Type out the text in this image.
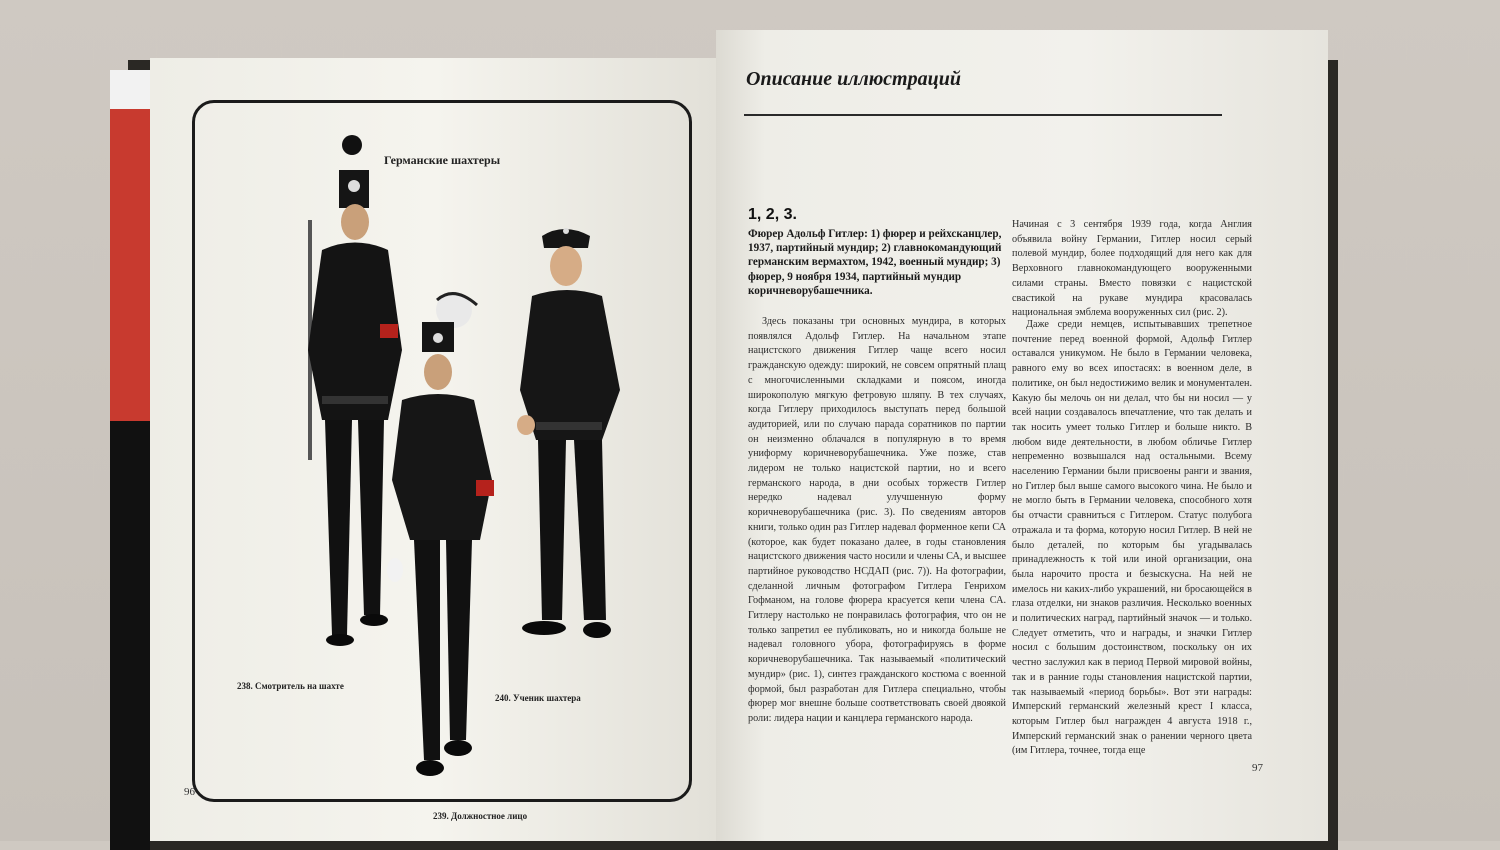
Германские шахтеры
238. Смотритель на шахте
239. Должностное лицо
240. Ученик шахтера
96
Описание иллюстраций
1, 2, 3.
Фюрер Адольф Гитлер: 1) фюрер и рейхсканцлер, 1937, партийный мундир; 2) главнокомандующий германским вермахтом, 1942, военный мундир; 3) фюрер, 9 ноября 1934, партийный мундир коричневорубашечника.
Здесь показаны три основных мундира, в которых появлялся Адольф Гитлер. На начальном этапе нацистского движения Гитлер чаще всего носил гражданскую одежду: широкий, не совсем опрятный плащ с многочисленными складками и поясом, иногда широкополую мягкую фетровую шляпу. В тех случаях, когда Гитлеру приходилось выступать перед большой аудиторией, или по случаю парада соратников по партии он неизменно облачался в популярную в то время униформу коричневорубашечника. Уже позже, став лидером не только нацистской партии, но и всего германского народа, в дни особых торжеств Гитлер нередко надевал улучшенную форму коричневорубашечника (рис. 3). По сведениям авторов книги, только один раз Гитлер надевал форменное кепи СА (которое, как будет показано далее, в годы становления нацистского движения часто носили и члены СА, и высшее партийное руководство НСДАП (рис. 7)). На фотографии, сделанной личным фотографом Гитлера Генрихом Гофманом, на голове фюрера красуется кепи члена СА. Гитлеру настолько не понравилась фотография, что он не только запретил ее публиковать, но и никогда больше не надевал головного убора, фотографируясь в форме коричневорубашечника. Так называемый «политический мундир» (рис. 1), синтез гражданского костюма с военной формой, был разработан для Гитлера специально, чтобы фюрер мог внешне больше соответствовать своей двоякой роли: лидера нации и канцлера германского народа.
Начиная с 3 сентября 1939 года, когда Англия объявила войну Германии, Гитлер носил серый полевой мундир, более подходящий для него как для Верховного главнокомандующего вооруженными силами страны. Вместо повязки с нацистской свастикой на рукаве мундира красовалась национальная эмблема вооруженных сил (рис. 2).
Даже среди немцев, испытывавших трепетное почтение перед военной формой, Адольф Гитлер оставался уникумом. Не было в Германии человека, равного ему во всех ипостасях: в военном деле, в политике, он был недостижимо велик и монументален. Какую бы мелочь он ни делал, что бы ни носил — у всей нации создавалось впечатление, что так делать и так носить умеет только Гитлер и больше никто. В любом виде деятельности, в любом обличье Гитлер непременно возвышался над остальными. Всему населению Германии были присвоены ранги и звания, но Гитлер был выше самого высокого чина. Не было и не могло быть в Германии человека, способного хотя бы отчасти сравниться с Гитлером. Статус полубога отражала и та форма, которую носил Гитлер. В ней не было деталей, по которым бы угадывалась принадлежность к той или иной организации, она была нарочито проста и безыскусна. На ней не имелось ни каких-либо украшений, ни бросающейся в глаза отделки, ни знаков различия. Несколько военных и политических наград, партийный значок — и только. Следует отметить, что и награды, и значки Гитлер носил с большим достоинством, поскольку он их честно заслужил как в период Первой мировой войны, так и в ранние годы становления нацистской партии, так называемый «период борьбы». Вот эти награды: Имперский германский железный крест I класса, которым Гитлер был награжден 4 августа 1918 г., Имперский германский знак о ранении черного цвета (им Гитлера, точнее, тогда еще
97
